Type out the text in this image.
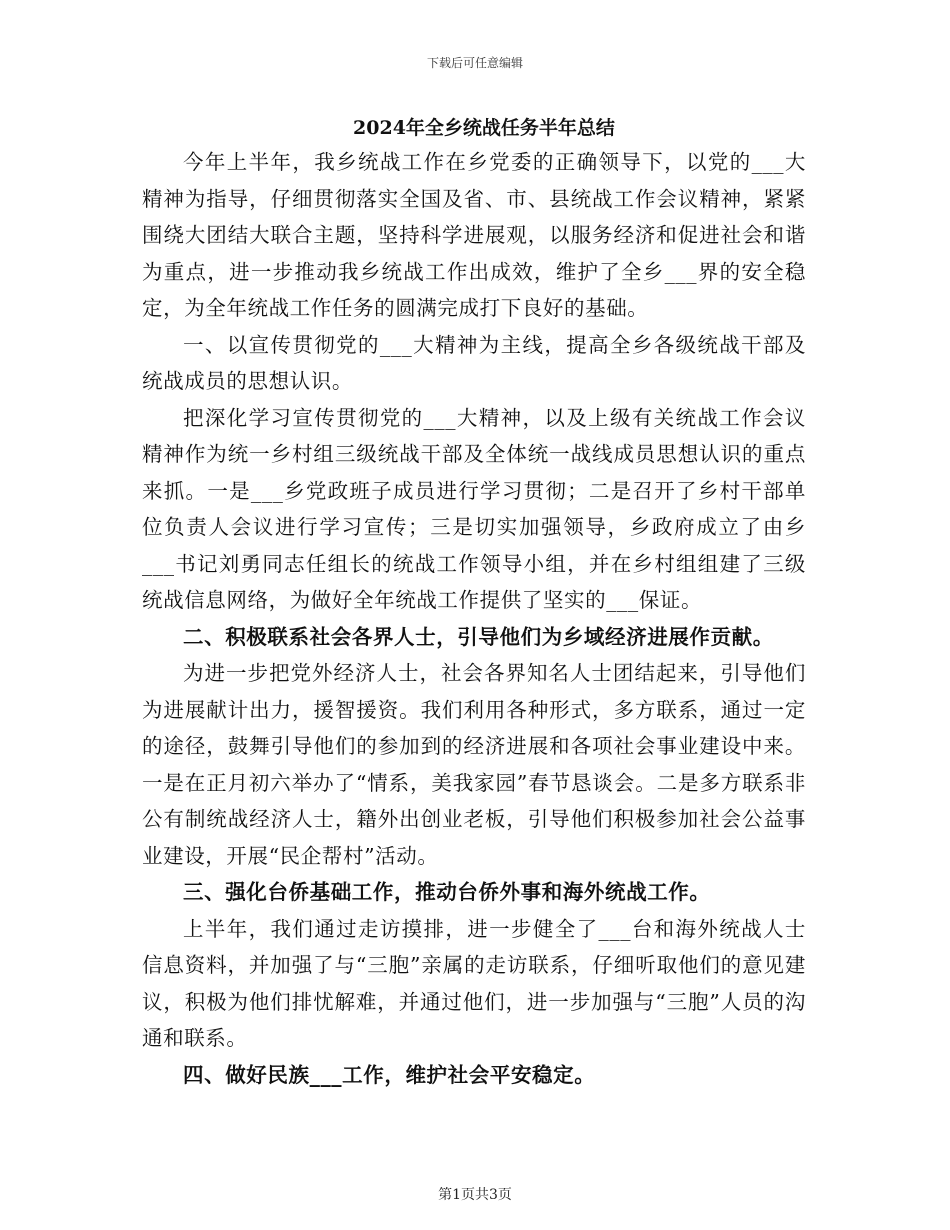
下载后可任意编辑

2024年全乡统战任务半年总结

今年上半年，我乡统战工作在乡党委的正确领导下，以党的___大精神为指导，仔细贯彻落实全国及省、市、县统战工作会议精神，紧紧围绕大团结大联合主题，坚持科学进展观，以服务经济和促进社会和谐为重点，进一步推动我乡统战工作出成效，维护了全乡___界的安全稳定，为全年统战工作任务的圆满完成打下良好的基础。

一、以宣传贯彻党的___大精神为主线，提高全乡各级统战干部及统战成员的思想认识。

把深化学习宣传贯彻党的___大精神，以及上级有关统战工作会议精神作为统一乡村组三级统战干部及全体统一战线成员思想认识的重点来抓。一是___乡党政班子成员进行学习贯彻；二是召开了乡村干部单位负责人会议进行学习宣传；三是切实加强领导，乡政府成立了由乡___书记刘勇同志任组长的统战工作领导小组，并在乡村组组建了三级统战信息网络，为做好全年统战工作提供了坚实的___保证。

二、积极联系社会各界人士，引导他们为乡域经济进展作贡献。

为进一步把党外经济人士，社会各界知名人士团结起来，引导他们为进展献计出力，援智援资。我们利用各种形式，多方联系，通过一定的途径，鼓舞引导他们的参加到的经济进展和各项社会事业建设中来。一是在正月初六举办了“情系，美我家园”春节恳谈会。二是多方联系非公有制统战经济人士，籍外出创业老板，引导他们积极参加社会公益事业建设，开展“民企帮村”活动。

三、强化台侨基础工作，推动台侨外事和海外统战工作。

上半年，我们通过走访摸排，进一步健全了___台和海外统战人士信息资料，并加强了与“三胞”亲属的走访联系，仔细听取他们的意见建议，积极为他们排忧解难，并通过他们，进一步加强与“三胞”人员的沟通和联系。

四、做好民族___工作，维护社会平安稳定。

第1页共3页
